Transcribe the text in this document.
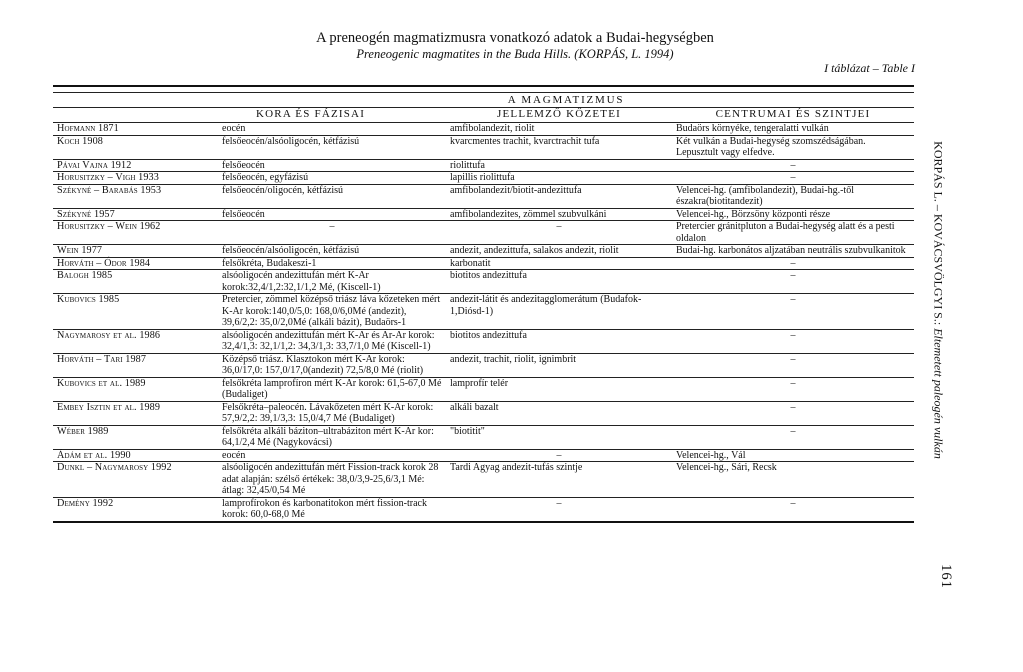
A preneogén magmatizmusra vonatkozó adatok a Budai-hegységben
Preneogenic magmatites in the Buda Hills. (KORPÁS, L. 1994)
I táblázat – Table I

	A MAGMATIZMUS		
	KORA ÉS FÁZISAI	JELLEMZŐ KŐZETEI	CENTRUMAI ÉS SZINTJEI
Hofmann 1871	eocén	amfibolandezit, riolit	Budaörs környéke, tengeralatti vulkán
Koch 1908	felsőeocén/alsóoligocén, kétfázisú	kvarcmentes trachit, kvarctrachit tufa	Két vulkán a Budai-hegység szomszédságában. Lepusztult vagy elfedve.
Pávai Vajna 1912	felsőeocén	riolittufa	–
Horusitzky – Vigh 1933	felsőeocén, egyfázisú	lapillis riolittufa	–
Székyné – Barabás 1953	felsőeocén/oligocén, kétfázisú	amfibolandezit/biotit-andezittufa	Velencei-hg. (amfibolandezit), Budai-hg.-től északra(biotitandezit)
Székyné 1957	felsőeocén	amfibolandezites, zömmel szubvulkáni	Velencei-hg., Börzsöny központi része
Horusitzky – Wein 1962	–	–	Pretercier gránitpluton a Budai-hegység alatt és a pesti oldalon
Wein 1977	felsőeocén/alsóoligocén, kétfázisú	andezit, andezittufa, salakos andezit, riolit	Budai-hg. karbonátos aljzatában neutrális szubvulkanitok
Horváth – Ódor 1984	felsőkréta, Budakeszi-1	karbonatit	–
Balogh 1985	alsóoligocén andezittufán mért K-Ar korok:32,4/1,2:32,1/1,2 Mé, (Kiscell-1)	biotitos andezittufa	–
Kubovics 1985	Pretercier, zömmel középső triász láva kőzeteken mért K-Ar korok:140,0/5,0: 168,0/6,0Mé (andezit), 39,6/2,2: 35,0/2,0Mé (alkáli bázit), Budaörs-1	andezit-látit és andezitagglomerátum (Budafok-1,Diósd-1)	–
Nagymarosy et al. 1986	alsóoligocén andezittufán mért K-Ar és Ar-Ar korok: 32,4/1,3: 32,1/1,2: 34,3/1,3: 33,7/1,0 Mé (Kiscell-1)	biotitos andezittufa	–
Horváth – Tari 1987	Középső triász. Klasztokon mért K-Ar korok: 36,0/17,0: 157,0/17,0(andezit) 72,5/8,0 Mé (riolit)	andezit, trachit, riolit, ignimbrit	–
Kubovics et al. 1989	felsőkréta lamprofíron mért K-Ar korok: 61,5-67,0 Mé (Budaliget)	lamprofír telér	–
Embey Isztin et al. 1989	Felsőkréta–paleocén. Lávakőzeten mért K-Ar korok: 57,9/2,2: 39,1/3,3: 15,0/4,7 Mé (Budaliget)	alkáli bazalt	–
Wéber 1989	felsőkréta alkáli báziton–ultrabáziton mért K-Ar kor: 64,1/2,4 Mé (Nagykovácsi)	"biotitit"	–
Ádám et al. 1990	eocén	–	Velencei-hg., Vál
Dunkl – Nagymarosy 1992	alsóoligocén andezittufán mért Fission-track korok 28 adat alapján: szélső értékek: 38,0/3,9-25,6/3,1 Mé: átlag: 32,45/0,54 Mé	Tardi Agyag andezit-tufás szintje	Velencei-hg., Sári, Recsk
Demény 1992	lamprofírokon és karbonatitokon mért fission-track korok: 60,0-68,0 Mé	–	–
KORPÁS L. – KOVÁCSVÖLGYI S.: Eltemetett paleogén vulkán
161
